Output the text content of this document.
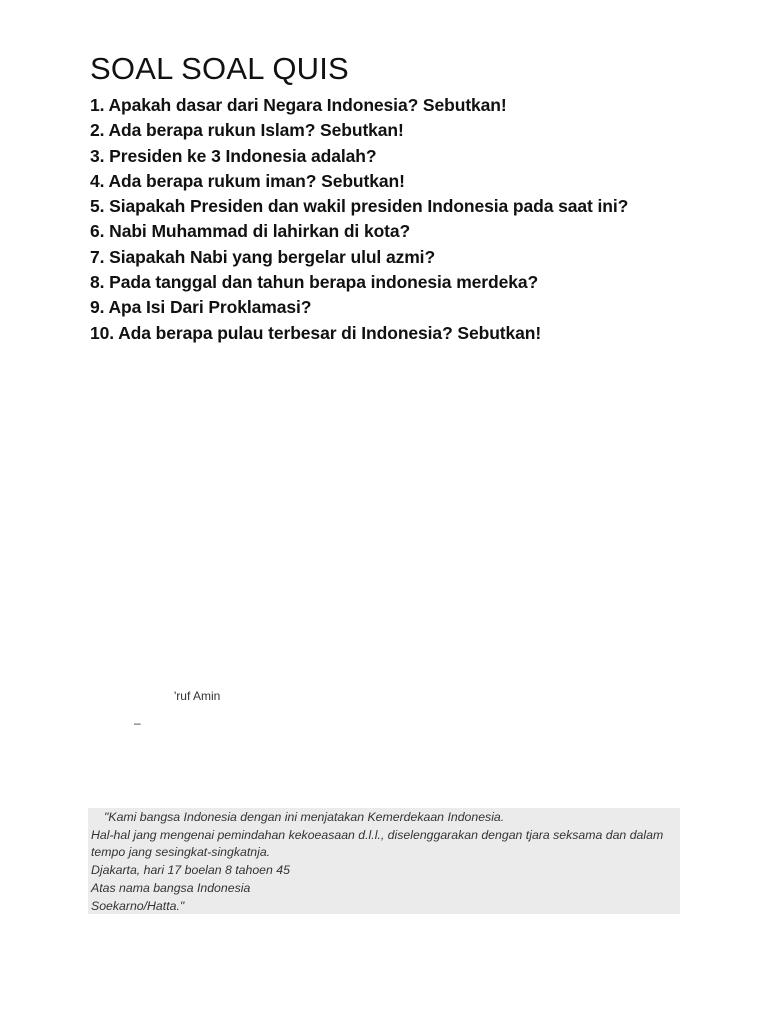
SOAL SOAL QUIS
1. Apakah dasar dari Negara Indonesia? Sebutkan!
2. Ada berapa rukun Islam? Sebutkan!
3. Presiden ke 3 Indonesia adalah?
4. Ada berapa rukum iman? Sebutkan!
5. Siapakah Presiden dan wakil presiden Indonesia pada saat ini?
6. Nabi Muhammad di lahirkan di kota?
7. Siapakah Nabi yang bergelar ulul azmi?
8. Pada tanggal dan tahun berapa indonesia merdeka?
9. Apa Isi Dari Proklamasi?
10. Ada berapa pulau terbesar di Indonesia? Sebutkan!
'ruf Amin
–

"Kami bangsa Indonesia dengan ini menjatakan Kemerdekaan Indonesia.

Hal-hal jang mengenai pemindahan kekoeasaan d.l.l., diselenggarakan dengan tjara seksama dan dalam

tempo jang sesingkat-singkatnja.

Djakarta, hari 17 boelan 8 tahoen 45

Atas nama bangsa Indonesia

Soekarno/Hatta."
